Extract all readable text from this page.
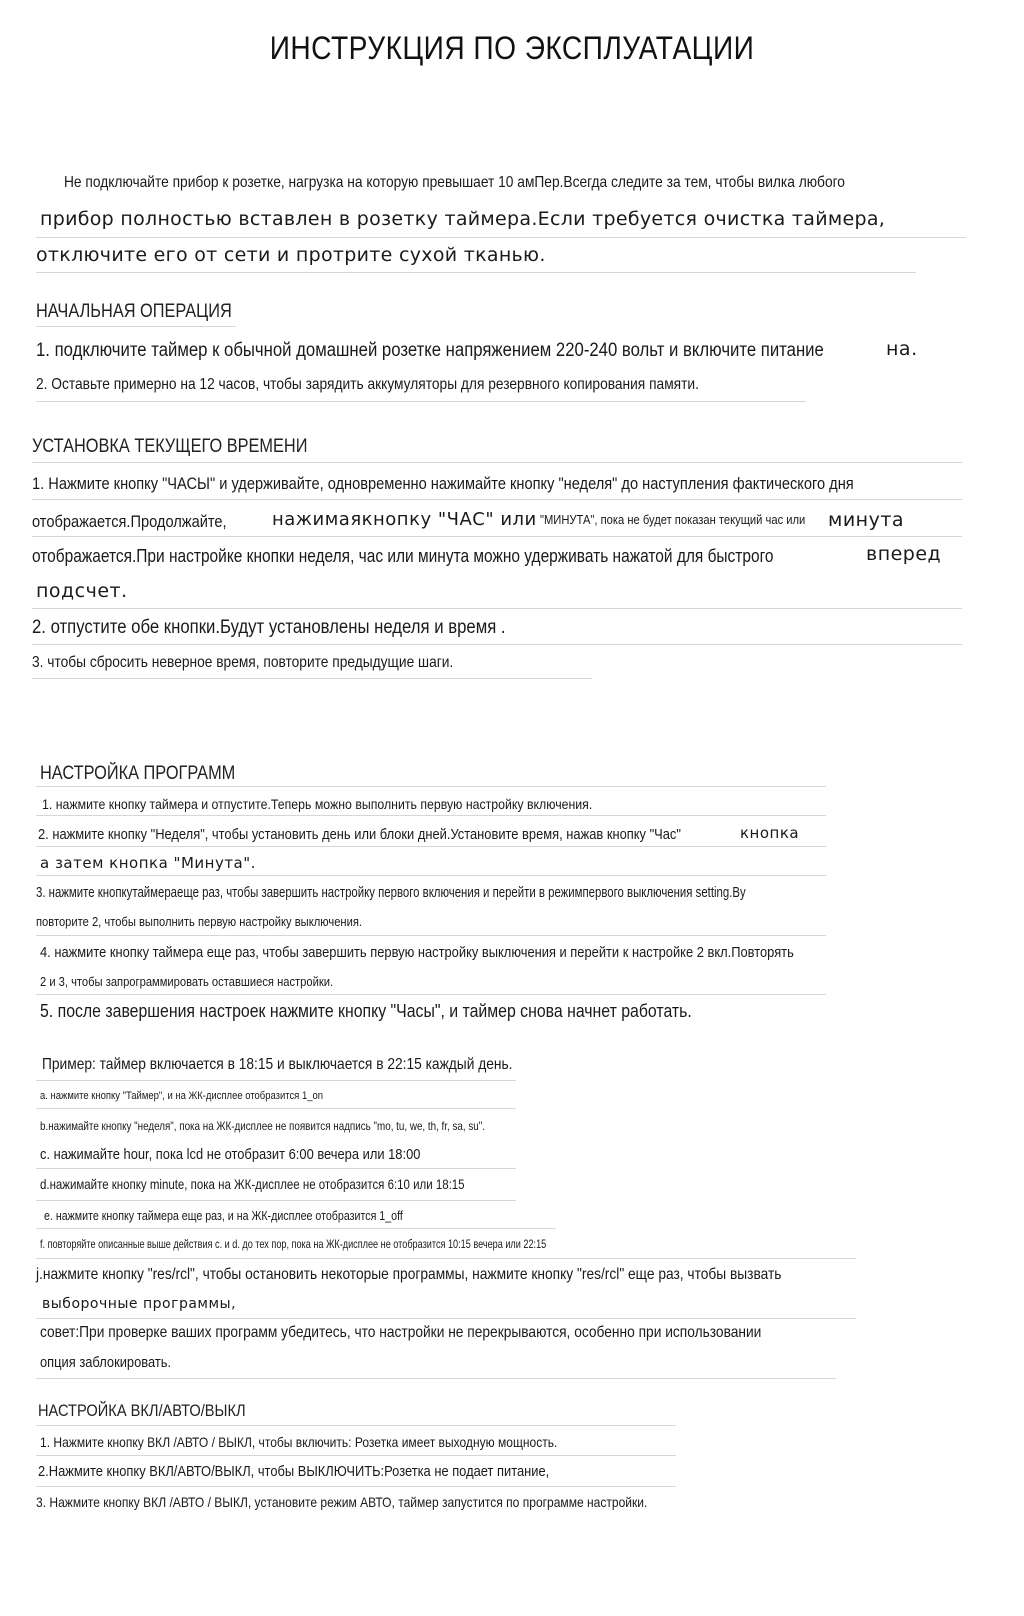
ИНСТРУКЦИЯ ПО ЭКСПЛУАТАЦИИ
Не подключайте прибор к розетке, нагрузка на которую превышает 10 амПер.Всегда следите за тем, чтобы вилка любого
прибор полностью вставлен в розетку таймера.Если требуется очистка таймера,
отключите его от сети и протрите сухой тканью.
НАЧАЛЬНАЯ ОПЕРАЦИЯ
1. подключите таймер к обычной домашней розетке напряжением 220-240 вольт и включите питание	на.
2. Оставьте примерно на 12 часов, чтобы зарядить аккумуляторы для резервного копирования памяти.
УСТАНОВКА ТЕКУЩЕГО ВРЕМЕНИ
1. Нажмите кнопку "ЧАСЫ" и удерживайте, одновременно нажимайте кнопку "неделя" до наступления фактического дня
отображается.Продолжайте,	нажимаякнопку "ЧАС" или "МИНУТА", пока не будет показан текущий час или минута
отображается.При настройке кнопки неделя, час или минута можно удерживать нажатой для быстрого	вперед
подсчет.
2. отпустите обе кнопки.Будут установлены неделя и время .
3. чтобы сбросить неверное время, повторите предыдущие шаги.
НАСТРОЙКА ПРОГРАММ
1. нажмите кнопку таймера и отпустите.Теперь можно выполнить первую настройку включения.
2. нажмите кнопку "Неделя", чтобы установить день или блоки дней.Установите время, нажав кнопку "Час"	кнопка
а затем кнопка "Минута".
3. нажмите кнопкутаймераеще раз, чтобы завершить настройку первого включения и перейти в режимпервого выключения setting.By
повторите 2, чтобы выполнить первую настройку выключения.
4. нажмите кнопку таймера еще раз, чтобы завершить первую настройку выключения и перейти к настройке 2 вкл.Повторять
2 и 3, чтобы запрограммировать оставшиеся настройки.
5. после завершения настроек нажмите кнопку "Часы", и таймер снова начнет работать.
Пример: таймер включается в 18:15 и выключается в 22:15 каждый день.
a. нажмите кнопку "Таймер", и на ЖК-дисплее отобразится 1_on
b.нажимайте кнопку "неделя", пока на ЖК-дисплее не появится надпись "mo, tu, we, th, fr, sa, su".
c. нажимайте hour, пока lcd не отобразит 6:00 вечера или 18:00
d.нажимайте кнопку minute, пока на ЖК-дисплее не отобразится 6:10 или 18:15
e. нажмите кнопку таймера еще раз, и на ЖК-дисплее отобразится 1_off
f. повторяйте описанные выше действия c. и d. до тех пор, пока на ЖК-дисплее не отобразится 10:15 вечера или 22:15
j.нажмите кнопку "res/rcl", чтобы остановить некоторые программы, нажмите кнопку "res/rcl" еще раз, чтобы вызвать
выборочные программы,
совет:При проверке ваших программ убедитесь, что настройки не перекрываются, особенно при использовании
опция заблокировать.
НАСТРОЙКА ВКЛ/АВТО/ВЫКЛ
1. Нажмите кнопку ВКЛ /АВТО / ВЫКЛ, чтобы включить: Розетка имеет выходную мощность.
2.Нажмите кнопку ВКЛ/АВТО/ВЫКЛ, чтобы ВЫКЛЮЧИТЬ:Розетка не подает питание,
3. Нажмите кнопку ВКЛ /АВТО / ВЫКЛ, установите режим АВТО, таймер запустится по программе настройки.
